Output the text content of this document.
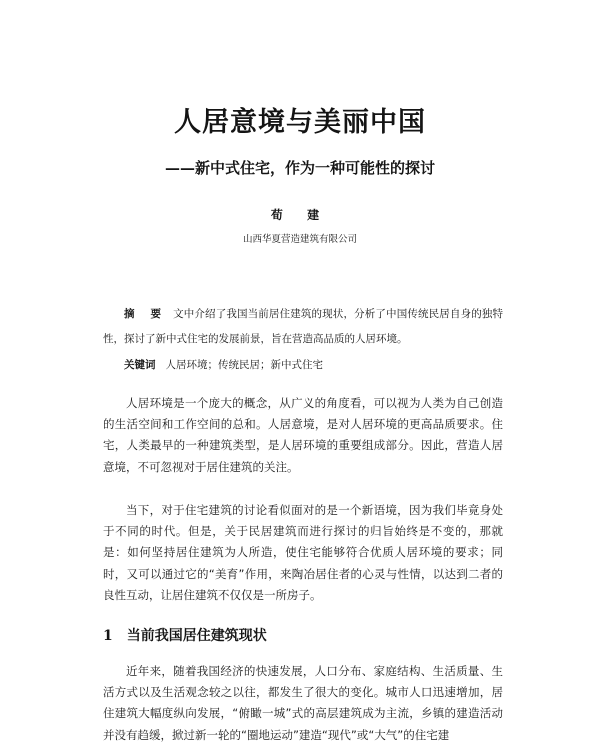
人居意境与美丽中国
——新中式住宅，作为一种可能性的探讨
荀 建
山西华夏营造建筑有限公司

摘 要 文中介绍了我国当前居住建筑的现状，分析了中国传统民居自身的独特性，探讨了新中式住宅的发展前景，旨在营造高品质的人居环境。

关键词 人居环境；传统民居；新中式住宅

人居环境是一个庞大的概念，从广义的角度看，可以视为人类为自己创造的生活空间和工作空间的总和。人居意境，是对人居环境的更高品质要求。住宅，人类最早的一种建筑类型，是人居环境的重要组成部分。因此，营造人居意境，不可忽视对于居住建筑的关注。

当下，对于住宅建筑的讨论看似面对的是一个新语境，因为我们毕竟身处于不同的时代。但是，关于民居建筑而进行探讨的归旨始终是不变的，那就是：如何坚持居住建筑为人所造，使住宅能够符合优质人居环境的要求；同时，又可以通过它的“美育”作用，来陶冶居住者的心灵与性情，以达到二者的良性互动，让居住建筑不仅仅是一所房子。

1 当前我国居住建筑现状

近年来，随着我国经济的快速发展，人口分布、家庭结构、生活质量、生活方式以及生活观念较之以往，都发生了很大的变化。城市人口迅速增加，居住建筑大幅度纵向发展，“俯瞰一城”式的高层建筑成为主流，乡镇的建造活动并没有趋缓，掀过新一轮的“圈地运动”建造“现代”或“大气”的住宅建
